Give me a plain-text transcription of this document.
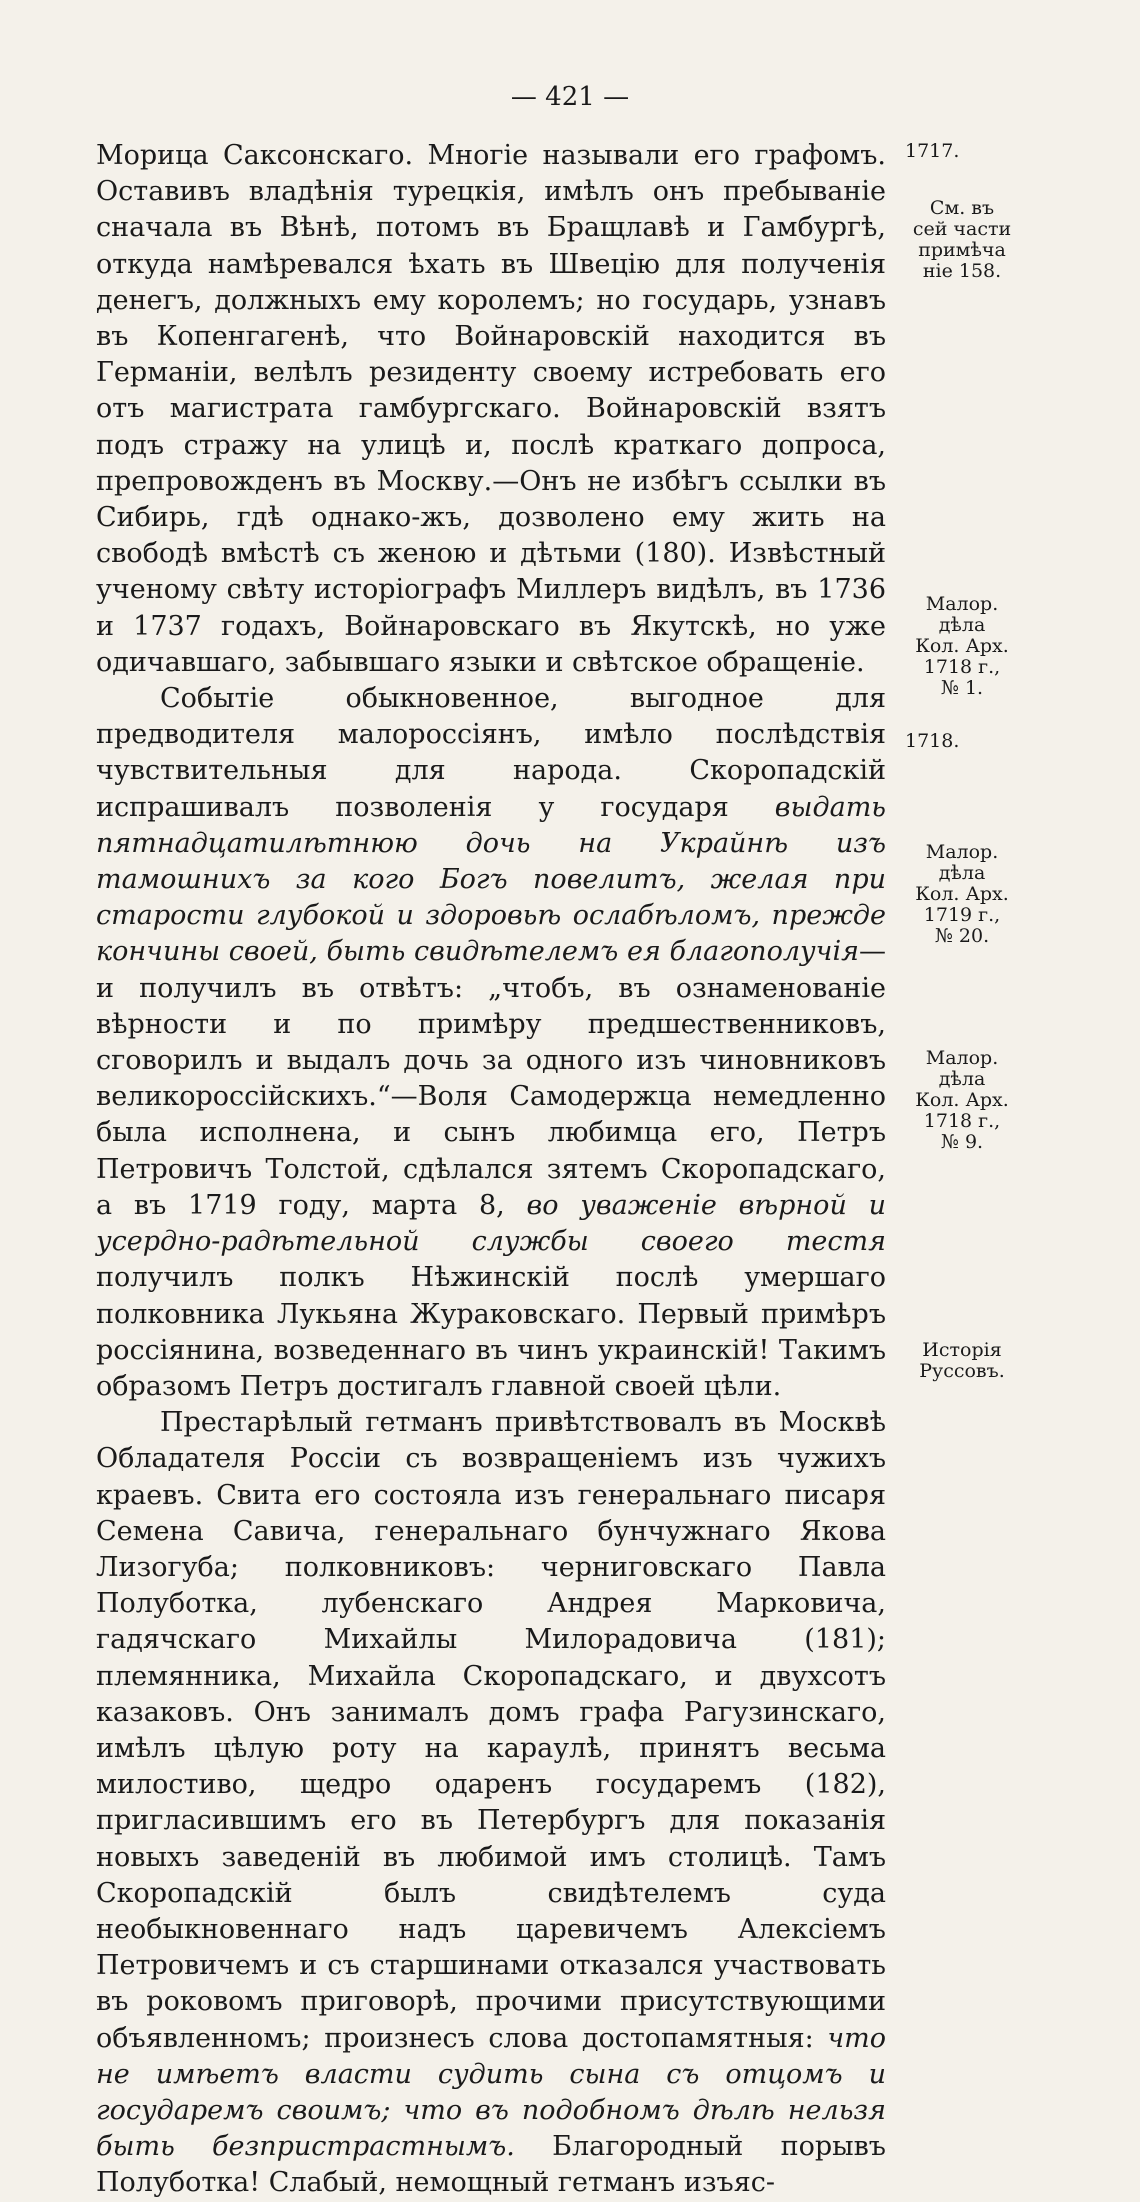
— 421 —

Морица Саксонскаго. Многіе называли его графомъ. Оставивъ владѣнія турецкія, имѣлъ онъ пребываніе сначала въ Вѣнѣ, потомъ въ Бращлавѣ и Гамбургѣ, откуда намѣревался ѣхать въ Швецію для полученія денегъ, должныхъ ему королемъ; но государь, узнавъ въ Копенгагенѣ, что Войнаровскій находится въ Германіи, велѣлъ резиденту своему истребовать его отъ магистрата гамбургскаго. Войнаровскій взятъ подъ стражу на улицѣ и, послѣ краткаго допроса, препровожденъ въ Москву.—Онъ не избѣгъ ссылки въ Сибирь, гдѣ однако-жъ, дозволено ему жить на свободѣ вмѣстѣ съ женою и дѣтьми (180). Извѣстный ученому свѣту исторіографъ Миллеръ видѣлъ, въ 1736 и 1737 годахъ, Войнаровскаго въ Якутскѣ, но уже одичавшаго, забывшаго языки и свѣтское обращеніе.

Событіе обыкновенное, выгодное для предводителя малороссіянъ, имѣло послѣдствія чувствительныя для народа. Скоропадскій испрашивалъ позволенія у государя выдать пятнадцатилѣтнюю дочь на Украйнѣ изъ тамошнихъ за кого Богъ повелитъ, желая при старости глубокой и здоровьѣ ослабѣломъ, прежде кончины своей, быть свидѣтелемъ ея благополучія—и получилъ въ отвѣтъ: „чтобъ, въ ознаменованіе вѣрности и по примѣру предшественниковъ, сговорилъ и выдалъ дочь за одного изъ чиновниковъ великороссійскихъ.“—Воля Самодержца немедленно была исполнена, и сынъ любимца его, Петръ Петровичъ Толстой, сдѣлался зятемъ Скоропадскаго, а въ 1719 году, марта 8, во уваженіе вѣрной и усердно-радѣтельной службы своего тестя получилъ полкъ Нѣжинскій послѣ умершаго полковника Лукьяна Жураковскаго. Первый примѣръ россіянина, возведеннаго въ чинъ украинскій! Такимъ образомъ Петръ достигалъ главной своей цѣли.

Престарѣлый гетманъ привѣтствовалъ въ Москвѣ Обладателя Россіи съ возвращеніемъ изъ чужихъ краевъ. Свита его состояла изъ генеральнаго писаря Семена Савича, генеральнаго бунчужнаго Якова Лизогуба; полковниковъ: черниговскаго Павла Полуботка, лубенскаго Андрея Марковича, гадячскаго Михайлы Милорадовича (181); племянника, Михайла Скоропадскаго, и двухсотъ казаковъ. Онъ занималъ домъ графа Рагузинскаго, имѣлъ цѣлую роту на караулѣ, принятъ весьма милостиво, щедро одаренъ государемъ (182), пригласившимъ его въ Петербургъ для показанія новыхъ заведеній въ любимой имъ столицѣ. Тамъ Скоропадскій былъ свидѣтелемъ суда необыкновеннаго надъ царевичемъ Алексіемъ Петровичемъ и съ старшинами отказался участвовать въ роковомъ приговорѣ, прочими присутствующими объявленномъ; произнесъ слова достопамятныя: что не имѣетъ власти судить сына съ отцомъ и государемъ своимъ; что въ подобномъ дѣлѣ нельзя быть безпристрастнымъ. Благородный порывъ Полуботка! Слабый, немощный гетманъ изъяс-

1717.
См. въ
сей части
примѣча
ніе 158.
Малор.
дѣла
Кол. Арх.
1718 г.,
№ 1.
1718.
Малор.
дѣла
Кол. Арх.
1719 г.,
№ 20.
Малор.
дѣла
Кол. Арх.
1718 г.,
№ 9.
Исторія
Руссовъ.
